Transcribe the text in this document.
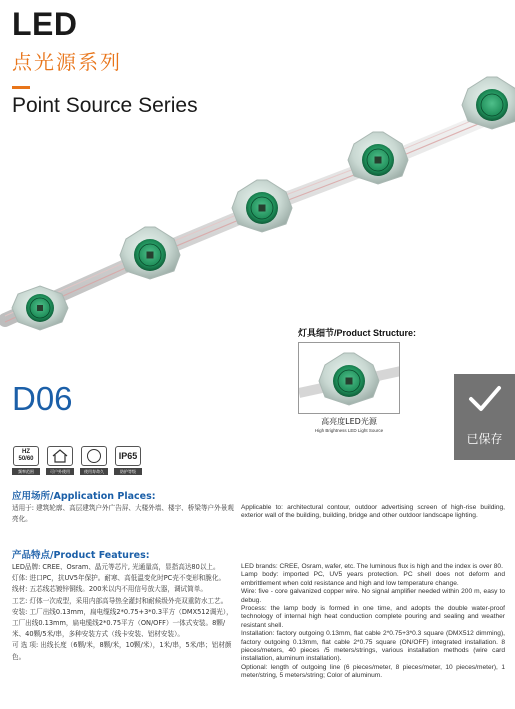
LED
点光源系列
Point Source Series
灯具细节/Product Structure:
高亮度LED光源
High Brightness LED Light Source
D06
已保存
HZ
50/60
频率范围	可户外使用	使用寿命久
IP65
防护等级
应用场所/Application Places:
适用于: 建筑轮廓、高层建筑户外广告屏、大楼外墙、楼宇、桥梁等户外景观亮化。
Applicable to: architectural contour, outdoor advertising screen of high-rise building, exterior wall of the building, building, bridge and other outdoor landscape lighting.
产品特点/Product Features:
LED品牌: CREE、Osram、晶元等芯片, 光通量高，显指高达80以上。
灯体: 进口PC，抗UV5年保护。耐寒、高低温变化时PC壳不变形和脆化。
线材: 五芯线芯镀锌铜线。200米以内不用信号放大器，调试简单。
工艺: 灯体一次成型，采用内部高导热全灌封和耐候级外壳双重防水工艺。
安装: 工厂出线0.13mm，扁电缆线2*0.75+3*0.3平方（DMX512调光），工厂出线0.13mm，扁电缆线2*0.75平方（ON/OFF）一体式安装。8颗/米、40颗/5米/串，多种安装方式（线卡安装、铝材安装）。
可 选 项: 出线长度（6颗/米，8颗/米，10颗/米），1米/串，5米/串；铝材颜色。

LED brands: CREE, Osram, wafer, etc. The luminous flux is high and the index is over 80.

Lamp body: imported PC, UV5 years protection. PC shell does not deform and embrittlement when cold resistance and high and low temperature change.

Wire: five - core galvanized copper wire. No signal amplifier needed within 200 m, easy to debug.

Process: the lamp body is formed in one time, and adopts the double water-proof technology of internal high heat conduction complete pouring and sealing and weather resistant shell.

Installation: factory outgoing 0.13mm, flat cable 2*0.75+3*0.3 square (DMX512 dimming), factory outgoing 0.13mm, flat cable 2*0.75 square (ON/OFF) integrated installation. 8 pieces/meters, 40 pieces /5 meters/strings, various installation methods (wire card installation, aluminum installation).

Optional: length of outgoing line (6 pieces/meter, 8 pieces/meter, 10 pieces/meter), 1 meter/string, 5 meters/string; Color of aluminum.
